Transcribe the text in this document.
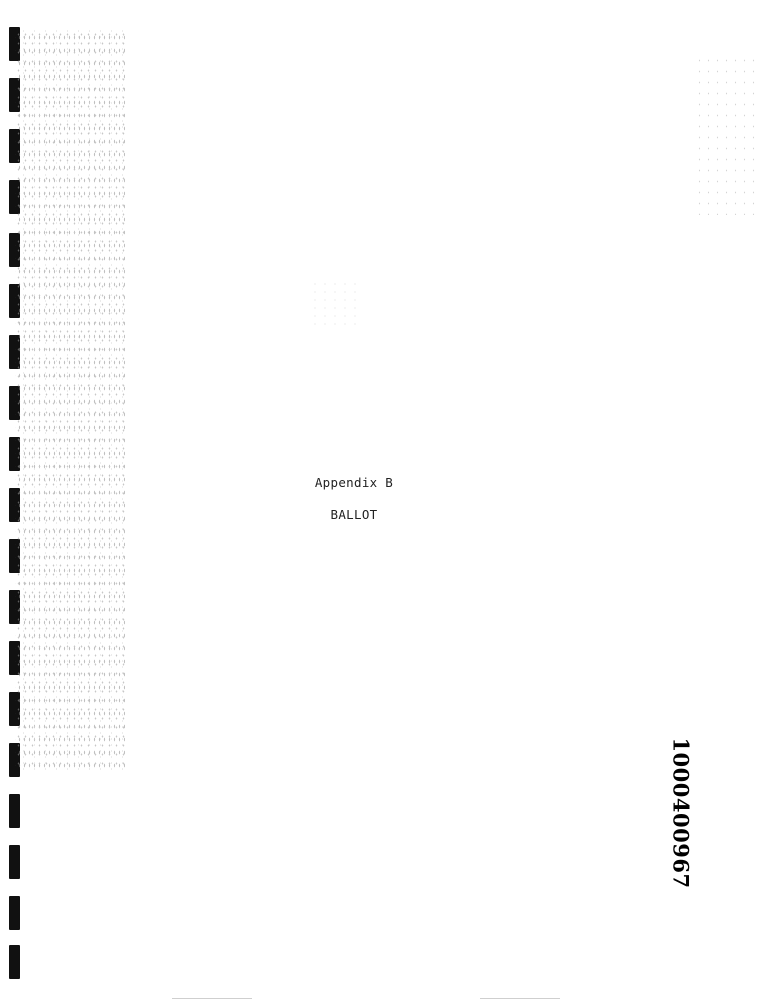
Appendix B
BALLOT
1000400967
